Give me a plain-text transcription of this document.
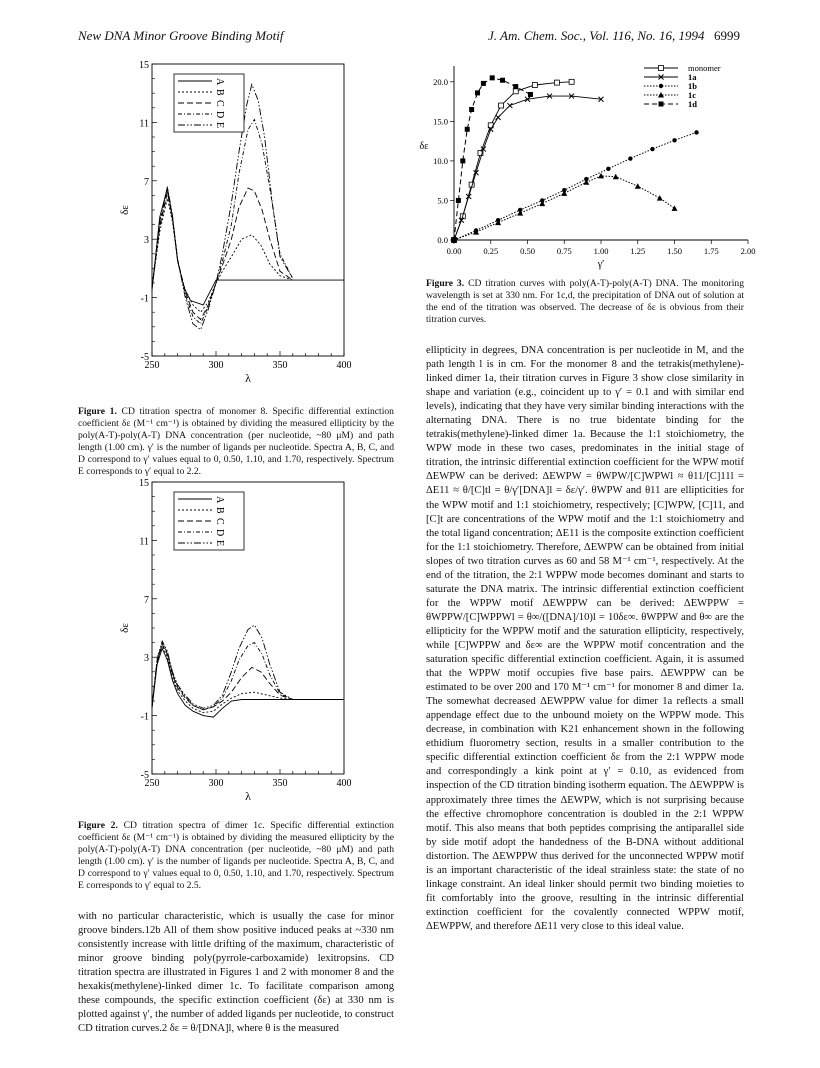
New DNA Minor Groove Binding Motif	J. Am. Chem. Soc., Vol. 116, No. 16, 1994 6999
250	300	350	400
15
11
7
3
-1
-5
δε
λ
A
B
C
D
E
Figure 1. CD titration spectra of monomer 8. Specific differential extinction coefficient δε (M⁻¹ cm⁻¹) is obtained by dividing the measured ellipticity by the poly(A-T)-poly(A-T) DNA concentration (per nucleotide, ~80 μM) and path length (1.00 cm). γ′ is the number of ligands per nucleotide. Spectra A, B, C, and D correspond to γ′ values equal to 0, 0.50, 1.10, and 1.70, respectively. Spectrum E corresponds to γ′ equal to 2.2.
250	300	350	400
15
11
7
3
-1
-5
δε
λ
A
B
C
D
E
Figure 2. CD titration spectra of dimer 1c. Specific differential extinction coefficient δε (M⁻¹ cm⁻¹) is obtained by dividing the measured ellipticity by the poly(A-T)-poly(A-T) DNA concentration (per nucleotide, ~80 μM) and path length (1.00 cm). γ′ is the number of ligands per nucleotide. Spectra A, B, C, and D correspond to γ′ values equal to 0, 0.50, 1.10, and 1.70, respectively. Spectrum E corresponds to γ′ equal to 2.5.

with no particular characteristic, which is usually the case for minor groove binders.12b All of them show positive induced peaks at ~330 nm consistently increase with little drifting of the maximum, characteristic of minor groove binding poly(pyrrole-carboxamide) lexitropsins. CD titration spectra are illustrated in Figures 1 and 2 with monomer 8 and the hexakis(methylene)-linked dimer 1c. To facilitate comparison among these compounds, the specific extinction coefficient (δε) at 330 nm is plotted against γ′, the number of added ligands per nucleotide, to construct CD titration curves.2 δε = θ/[DNA]l, where θ is the measured

0.00	0.25	0.50	0.75	1.00	1.25	1.50	1.75	2.00
0.0
5.0
10.0
15.0
20.0
δε
γ′
monomer
1a
1b
1c
1d
Figure 3. CD titration curves with poly(A-T)-poly(A-T) DNA. The monitoring wavelength is set at 330 nm. For 1c,d, the precipitation of DNA out of solution at the end of the titration was observed. The decrease of δε is obvious from their titration curves.

ellipticity in degrees, DNA concentration is per nucleotide in M, and the path length l is in cm. For the monomer 8 and the tetrakis(methylene)-linked dimer 1a, their titration curves in Figure 3 show close similarity in shape and variation (e.g., coincident up to γ′ = 0.1 and with similar end levels), indicating that they have very similar binding interactions with the alternating DNA. There is no true bidentate binding for the tetrakis(methylene)-linked dimer 1a. Because the 1:1 stoichiometry, the WPW mode in these two cases, predominates in the initial stage of titration, the intrinsic differential extinction coefficient for the WPW motif ΔEWPW can be derived: ΔEWPW = θWPW/[C]WPWl ≈ θ11/[C]11l = ΔE11 ≈ θ/[C]tl = θ/γ′[DNA]l = δε/γ′. θWPW and θ11 are ellipticities for the WPW motif and 1:1 stoichiometry, respectively; [C]WPW, [C]11, and [C]t are concentrations of the WPW motif and the 1:1 stoichiometry and the total ligand concentration; ΔE11 is the composite extinction coefficient for the 1:1 stoichiometry. Therefore, ΔEWPW can be obtained from initial slopes of two titration curves as 60 and 58 M⁻¹ cm⁻¹, respectively. At the end of the titration, the 2:1 WPPW mode becomes dominant and starts to saturate the DNA matrix. The intrinsic differential extinction coefficient for the WPPW motif ΔEWPPW can be derived: ΔEWPPW = θWPPW/[C]WPPWl = θ∞/([DNA]/10)l = 10δε∞. θWPPW and θ∞ are the ellipticity for the WPPW motif and the saturation ellipticity, respectively, while [C]WPPW and δε∞ are the WPPW motif concentration and the saturation specific differential extinction coefficient. Again, it is assumed that the WPPW motif occupies five base pairs. ΔEWPPW can be estimated to be over 200 and 170 M⁻¹ cm⁻¹ for monomer 8 and dimer 1a. The somewhat decreased ΔEWPPW value for dimer 1a reflects a small appendage effect due to the unbound moiety on the WPPW mode. This decrease, in combination with K21 enhancement shown in the following ethidium fluorometry section, results in a smaller contribution to the specific differential extinction coefficient δε from the 2:1 WPPW mode and correspondingly a kink point at γ′ = 0.10, as evidenced from inspection of the CD titration binding isotherm equation. The ΔEWPPW is approximately three times the ΔEWPW, which is not surprising because the effective chromophore concentration is doubled in the 2:1 WPPW motif. This also means that both peptides comprising the antiparallel side by side motif adopt the handedness of the B-DNA without additional distortion. The ΔEWPPW thus derived for the unconnected WPPW motif is an important characteristic of the ideal strainless state: the state of no linkage constraint. An ideal linker should permit two binding moieties to fit comfortably into the groove, resulting in the intrinsic differential extinction coefficient for the covalently connected WPPW motif, ΔEWPPW, and therefore ΔE11 very close to this ideal value.
